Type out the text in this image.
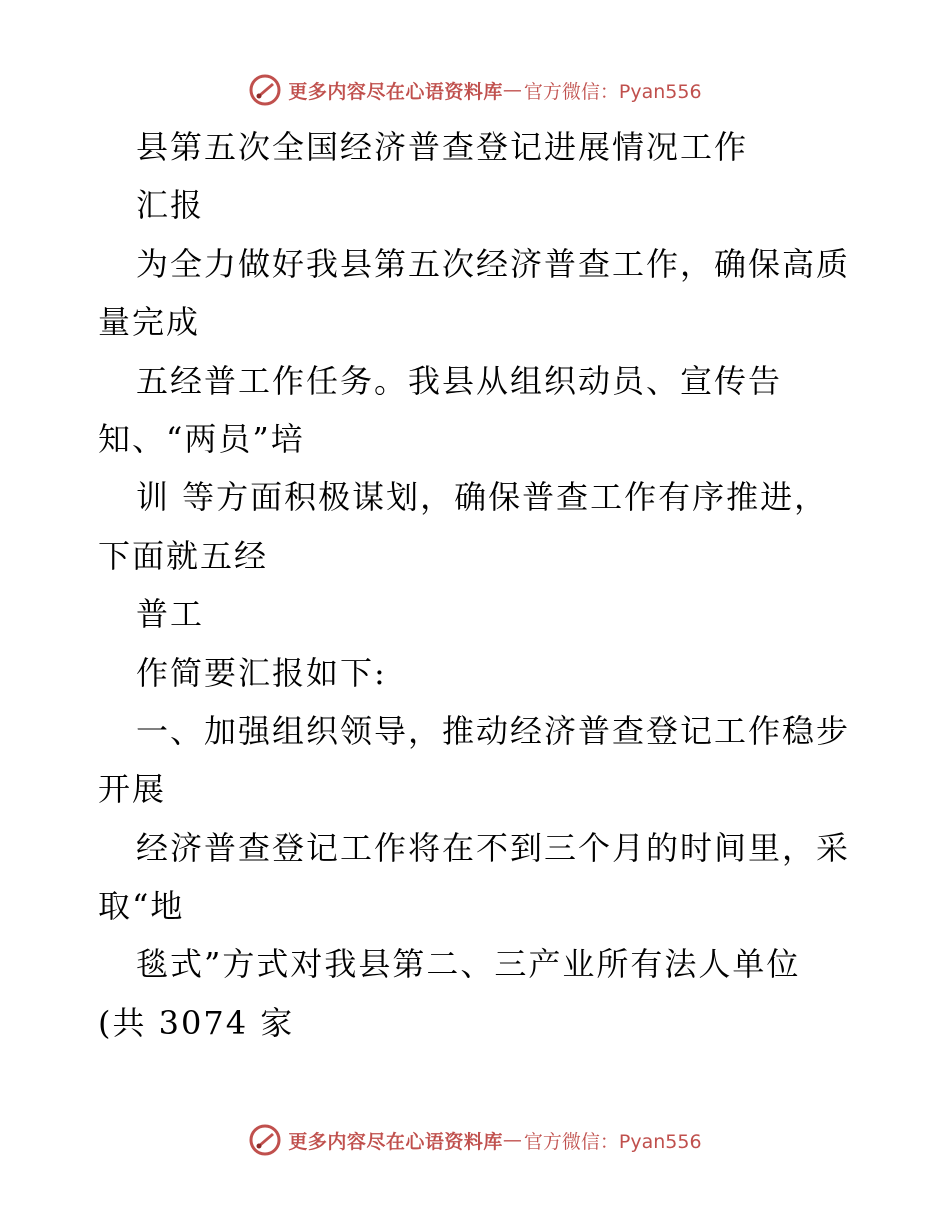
更多内容尽在心语资料库 — 官方微信：Pyan556
县第五次全国经济普查登记进展情况工作
汇报
为全力做好我县第五次经济普查工作，确保高质
量完成
五经普工作任务。我县从组织动员、宣传告
知、“两员”培
训 等方面积极谋划，确保普查工作有序推进，
下面就五经
普工
作简要汇报如下:
一、加强组织领导，推动经济普查登记工作稳步
开展
经济普查登记工作将在不到三个月的时间里，采
取“地
毯式”方式对我县第二、三产业所有法人单位
(共 3074 家
更多内容尽在心语资料库 — 官方微信：Pyan556
